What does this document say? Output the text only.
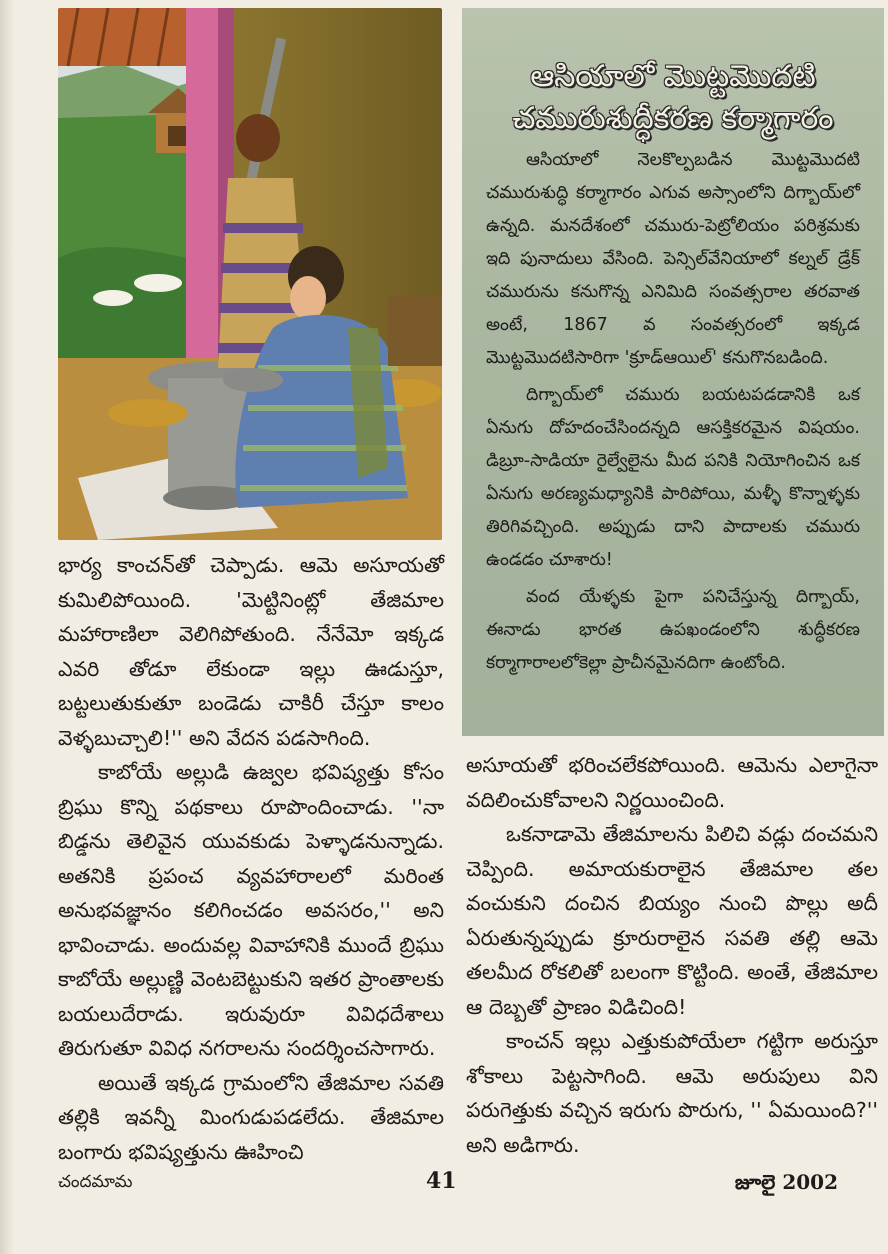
ఆసియాలో మొట్టమొదటి చమురుశుద్ధీకరణ కర్మాగారం

ఆసియాలో నెలకొల్పబడిన మొట్టమొదటి చమురుశుద్ధి కర్మాగారం ఎగువ అస్సాంలోని దిగ్బాయ్‌లో ఉన్నది. మనదేశంలో చమురు-పెట్రోలియం పరిశ్రమకు ఇది పునాదులు వేసింది. పెన్సిల్‌వేనియాలో కల్నల్ డ్రేక్ చమురును కనుగొన్న ఎనిమిది సంవత్సరాల తరవాత అంటే, 1867 వ సంవత్సరంలో ఇక్కడ మొట్టమొదటిసారిగా 'క్రూడ్‌ఆయిల్' కనుగొనబడింది.

దిగ్బాయ్‌లో చమురు బయటపడడానికి ఒక ఏనుగు దోహదంచేసిందన్నది ఆసక్తికరమైన విషయం. డిబ్రూ-సాడియా రైల్వేలైను మీద పనికి నియోగించిన ఒక ఏనుగు అరణ్యమధ్యానికి పారిపోయి, మళ్ళీ కొన్నాళ్ళకు తిరిగివచ్చింది. అప్పుడు దాని పాదాలకు చమురు ఉండడం చూశారు!

వంద యేళ్ళకు పైగా పనిచేస్తున్న దిగ్బాయ్, ఈనాడు భారత ఉపఖండంలోని శుద్ధీకరణ కర్మాగారాలలోకెల్లా ప్రాచీనమైనదిగా ఉంటోంది.

భార్య కాంచన్‌తో చెప్పాడు. ఆమె అసూయతో కుమిలిపోయింది. 'మెట్టినింట్లో తేజిమాల మహారాణిలా వెలిగిపోతుంది. నేనేమో ఇక్కడ ఎవరి తోడూ లేకుండా ఇల్లు ఊడుస్తూ, బట్టలుతుకుతూ బండెడు చాకిరీ చేస్తూ కాలం వెళ్ళబుచ్చాలి!'' అని వేదన పడసాగింది.

కాబోయే అల్లుడి ఉజ్వల భవిష్యత్తు కోసం బ్రిఘు కొన్ని పథకాలు రూపొందించాడు. ''నా బిడ్డను తెలివైన యువకుడు పెళ్ళాడనున్నాడు. అతనికి ప్రపంచ వ్యవహారాలలో మరింత అనుభవజ్ఞానం కలిగించడం అవసరం,'' అని భావించాడు. అందువల్ల వివాహానికి ముందే బ్రిఘు కాబోయే అల్లుణ్ణి వెంటబెట్టుకుని ఇతర ప్రాంతాలకు బయలుదేరాడు. ఇరువురూ వివిధదేశాలు తిరుగుతూ వివిధ నగరాలను సందర్శించసాగారు.

అయితే ఇక్కడ గ్రామంలోని తేజిమాల సవతి తల్లికి ఇవన్నీ మింగుడుపడలేదు. తేజిమాల బంగారు భవిష్యత్తును ఊహించి

అసూయతో భరించలేకపోయింది. ఆమెను ఎలాగైనా వదిలించుకోవాలని నిర్ణయించింది.

ఒకనాడామె తేజిమాలను పిలిచి వడ్లు దంచమని చెప్పింది. అమాయకురాలైన తేజిమాల తల వంచుకుని దంచిన బియ్యం నుంచి పొల్లు అదీ ఏరుతున్నప్పుడు క్రూరురాలైన సవతి తల్లి ఆమె తలమీద రోకలితో బలంగా కొట్టింది. అంతే, తేజిమాల ఆ దెబ్బతో ప్రాణం విడిచింది!

కాంచన్ ఇల్లు ఎత్తుకుపోయేలా గట్టిగా అరుస్తూ శోకాలు పెట్టసాగింది. ఆమె అరుపులు విని పరుగెత్తుకు వచ్చిన ఇరుగు పొరుగు, '' ఏమయింది?'' అని అడిగారు.

చందమామ	41	జూలై 2002
